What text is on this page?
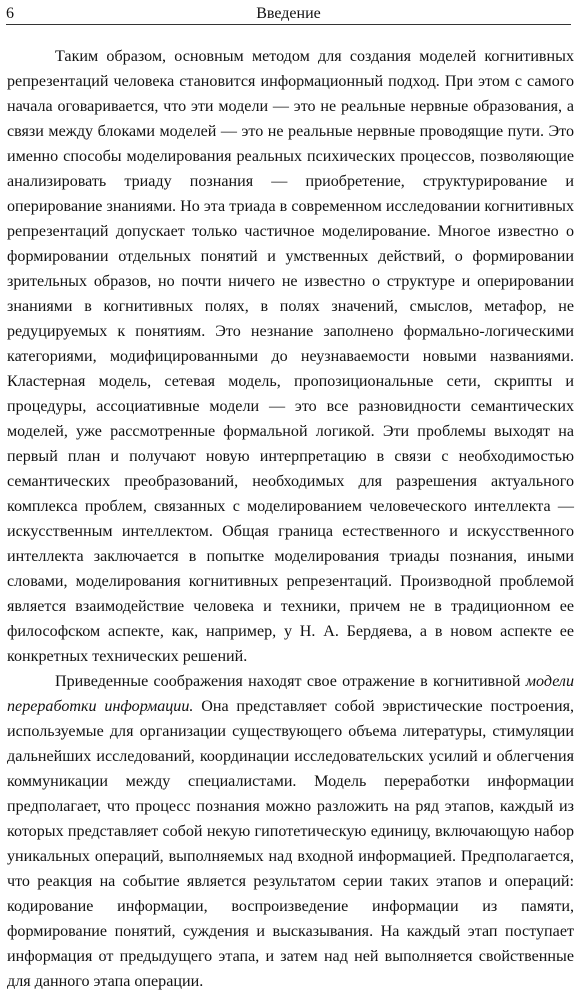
6	Введение

Таким образом, основным методом для создания моделей когнитивных репрезентаций человека становится информационный подход. При этом с самого начала оговаривается, что эти модели — это не реальные нервные образования, а связи между блоками моделей — это не реальные нервные проводящие пути. Это именно способы моделирования реальных психических процессов, позволяющие анализировать триаду познания — приобретение, структурирование и оперирование знаниями. Но эта триада в современном исследовании когнитивных репрезентаций допускает только частичное моделирование. Многое известно о формировании отдельных понятий и умственных действий, о формировании зрительных образов, но почти ничего не известно о структуре и оперировании знаниями в когнитивных полях, в полях значений, смыслов, метафор, не редуцируемых к понятиям. Это незнание заполнено формально-логическими категориями, модифицированными до неузнаваемости новыми названиями. Кластерная модель, сетевая модель, пропозициональные сети, скрипты и процедуры, ассоциативные модели — это все разновидности семантических моделей, уже рассмотренные формальной логикой. Эти проблемы выходят на первый план и получают новую интерпретацию в связи с необходимостью семантических преобразований, необходимых для разрешения актуального комплекса проблем, связанных с моделированием человеческого интеллекта — искусственным интеллектом. Общая граница естественного и искусственного интеллекта заключается в попытке моделирования триады познания, иными словами, моделирования когнитивных репрезентаций. Производной проблемой является взаимодействие человека и техники, причем не в традиционном ее философском аспекте, как, например, у Н. А. Бердяева, а в новом аспекте ее конкретных технических решений.

Приведенные соображения находят свое отражение в когнитивной модели переработки информации. Она представляет собой эвристические построения, используемые для организации существующего объема литературы, стимуляции дальнейших исследований, координации исследовательских усилий и облегчения коммуникации между специалистами. Модель переработки информации предполагает, что процесс познания можно разложить на ряд этапов, каждый из которых представляет собой некую гипотетическую единицу, включающую набор уникальных операций, выполняемых над входной информацией. Предполагается, что реакция на событие является результатом серии таких этапов и операций: кодирование информации, воспроизведение информации из памяти, формирование понятий, суждения и высказывания. На каждый этап поступает информация от предыдущего этапа, и затем над ней выполняется свойственные для данного этапа операции.
